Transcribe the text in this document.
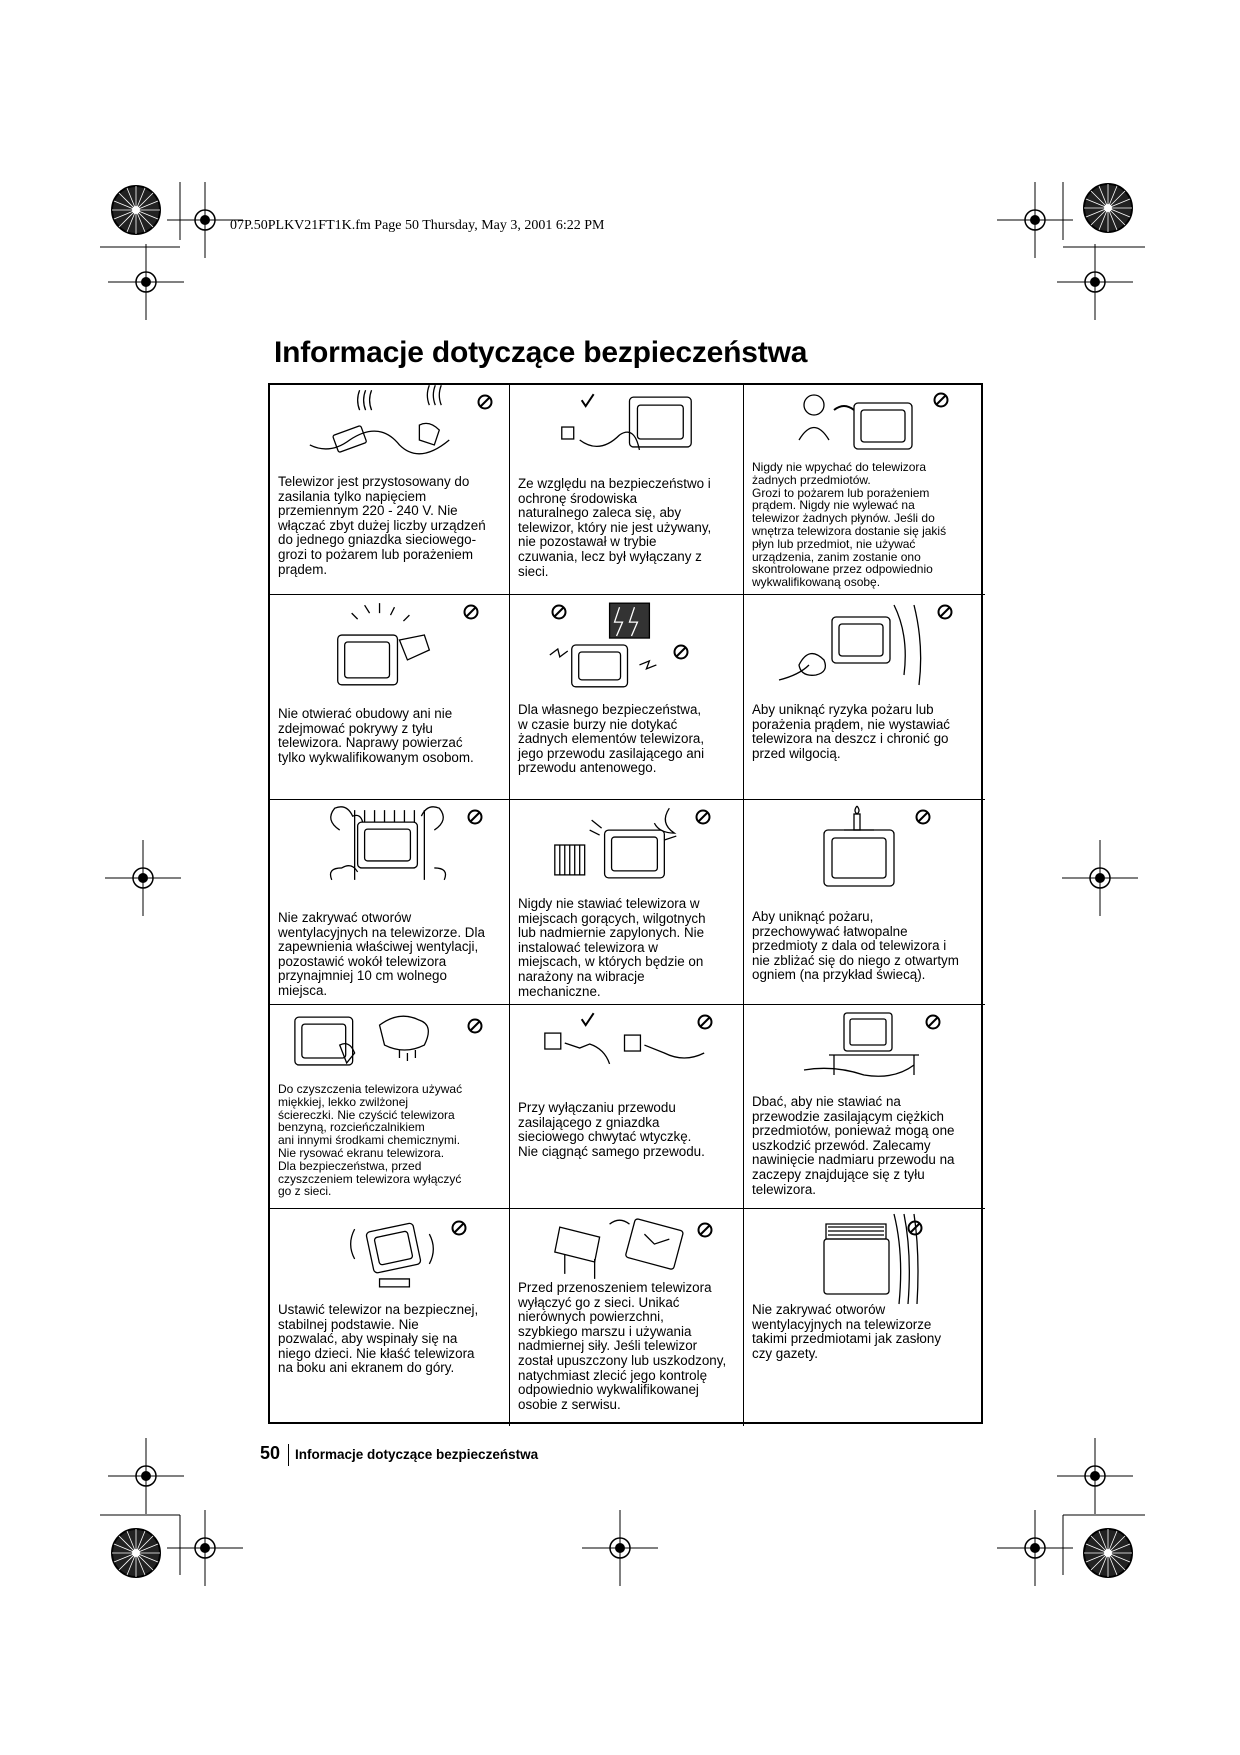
07P.50PLKV21FT1K.fm Page 50 Thursday, May 3, 2001 6:22 PM
Informacje dotyczące bezpieczeństwa

Telewizor jest przystosowany do
zasilania tylko napięciem
przemiennym 220 - 240 V. Nie
włączać zbyt dużej liczby urządzeń
do jednego gniazdka sieciowego-
grozi to pożarem lub porażeniem
prądem.

Ze względu na bezpieczeństwo i
ochronę środowiska
naturalnego zaleca się, aby
telewizor, który nie jest używany,
nie pozostawał w trybie
czuwania, lecz był wyłączany z
sieci.

Nigdy nie wpychać do telewizora
żadnych przedmiotów.
Grozi to pożarem lub porażeniem
prądem. Nigdy nie wylewać na
telewizor żadnych płynów. Jeśli do
wnętrza telewizora dostanie się jakiś
płyn lub przedmiot, nie używać
urządzenia, zanim zostanie ono
skontrolowane przez odpowiednio
wykwalifikowaną osobę.

Nie otwierać obudowy ani nie
zdejmować pokrywy z tyłu
telewizora. Naprawy powierzać
tylko wykwalifikowanym osobom.

Dla własnego bezpieczeństwa,
w czasie burzy nie dotykać
żadnych elementów telewizora,
jego przewodu zasilającego ani
przewodu antenowego.

Aby uniknąć ryzyka pożaru lub
porażenia prądem, nie wystawiać
telewizora na deszcz i chronić go
przed wilgocią.

Nie zakrywać otworów
wentylacyjnych na telewizorze. Dla
zapewnienia właściwej wentylacji,
pozostawić wokół telewizora
przynajmniej 10 cm wolnego
miejsca.

Nigdy nie stawiać telewizora w
miejscach gorących, wilgotnych
lub nadmiernie zapylonych. Nie
instalować telewizora w
miejscach, w których będzie on
narażony na wibracje
mechaniczne.

Aby uniknąć pożaru,
przechowywać łatwopalne
przedmioty z dala od telewizora i
nie zbliżać się do niego z otwartym
ogniem (na przykład świecą).

Do czyszczenia telewizora używać
miękkiej, lekko zwilżonej
ściereczki. Nie czyścić telewizora
benzyną, rozcieńczalnikiem
ani innymi środkami chemicznymi.
Nie rysować ekranu telewizora.
Dla bezpieczeństwa, przed
czyszczeniem telewizora wyłączyć
go z sieci.

Przy wyłączaniu przewodu
zasilającego z gniazdka
sieciowego chwytać wtyczkę.
Nie ciągnąć samego przewodu.

Dbać, aby nie stawiać na
przewodzie zasilającym ciężkich
przedmiotów, ponieważ mogą one
uszkodzić przewód. Zalecamy
nawinięcie nadmiaru przewodu na
zaczepy znajdujące się z tyłu
telewizora.

Ustawić telewizor na bezpiecznej,
stabilnej podstawie. Nie
pozwalać, aby wspinały się na
niego dzieci. Nie kłaść telewizora
na boku ani ekranem do góry.

Przed przenoszeniem telewizora
wyłączyć go z sieci. Unikać
nierównych powierzchni,
szybkiego marszu i używania
nadmiernej siły. Jeśli telewizor
został upuszczony lub uszkodzony,
natychmiast zlecić jego kontrolę
odpowiednio wykwalifikowanej
osobie z serwisu.

Nie zakrywać otworów
wentylacyjnych na telewizorze
takimi przedmiotami jak zasłony
czy gazety.

50 Informacje dotyczące bezpieczeństwa
